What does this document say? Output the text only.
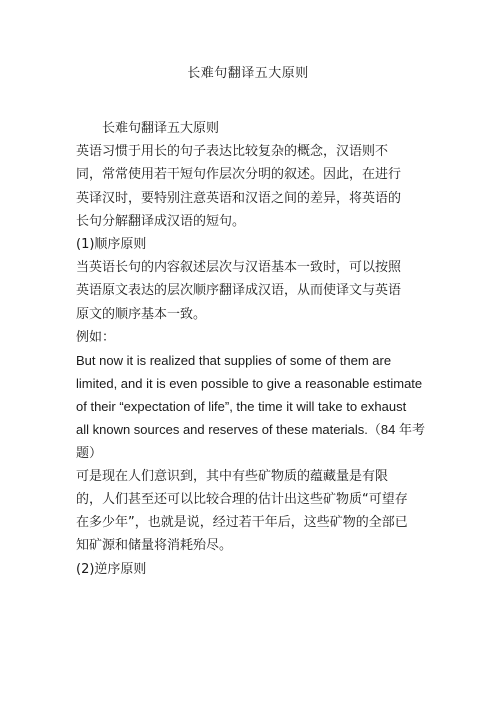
长难句翻译五大原则
长难句翻译五大原则
英语习惯于用长的句子表达比较复杂的概念，汉语则不
同，常常使用若干短句作层次分明的叙述。因此，在进行
英译汉时，要特别注意英语和汉语之间的差异，将英语的
长句分解翻译成汉语的短句。
(1)顺序原则
当英语长句的内容叙述层次与汉语基本一致时，可以按照
英语原文表达的层次顺序翻译成汉语，从而使译文与英语
原文的顺序基本一致。
例如：
But now it is realized that supplies of some of them are
limited, and it is even possible to give a reasonable estimate
of their “expectation of life”, the time it will take to exhaust
all known sources and reserves of these materials.（84 年考
题）
可是现在人们意识到，其中有些矿物质的蕴藏量是有限
的，人们甚至还可以比较合理的估计出这些矿物质“可望存
在多少年”，也就是说，经过若干年后，这些矿物的全部已
知矿源和储量将消耗殆尽。
(2)逆序原则
